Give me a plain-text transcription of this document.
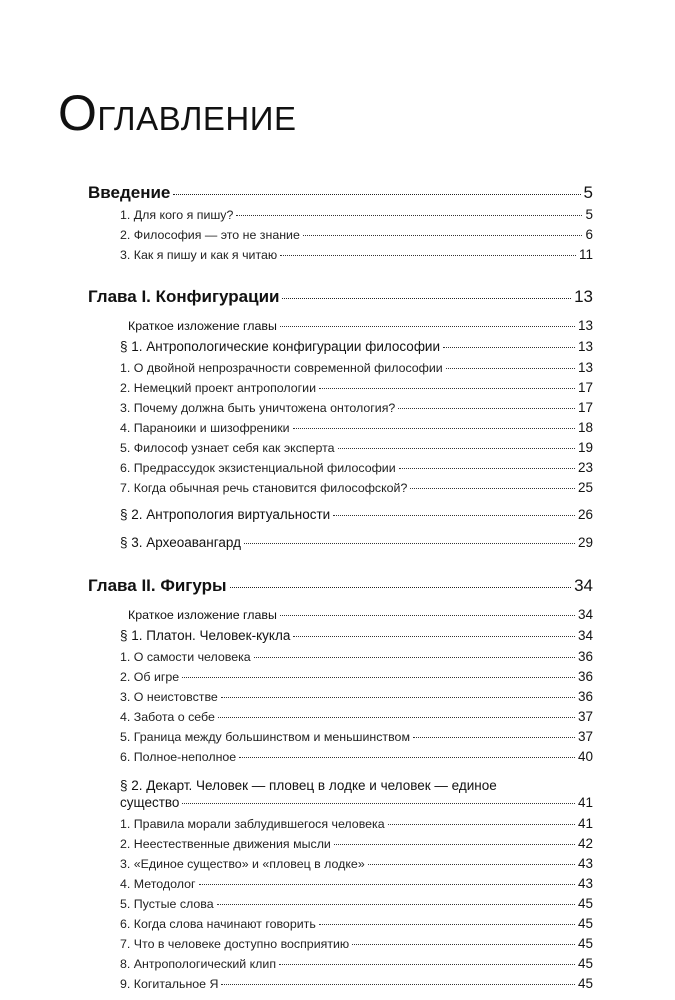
ОГЛАВЛЕНИЕ
Введение	5
1. Для кого я пишу?	5
2. Философия — это не знание	6
3. Как я пишу и как я читаю	11
Глава I. Конфигурации	13
Краткое изложение главы	13
§ 1. Антропологические конфигурации философии	13
1. О двойной непрозрачности современной философии	13
2. Немецкий проект антропологии	17
3. Почему должна быть уничтожена онтология?	17
4. Параноики и шизофреники	18
5. Философ узнает себя как эксперта	19
6. Предрассудок экзистенциальной философии	23
7. Когда обычная речь становится философской?	25
§ 2. Антропология виртуальности	26
§ 3. Археоавангард	29
Глава II. Фигуры	34
Краткое изложение главы	34
§ 1. Платон. Человек-кукла	34
1. О самости человека	36
2. Об игре	36
3. О неистовстве	36
4. Забота о себе	37
5. Граница между большинством и меньшинством	37
6. Полное-неполное	40
§ 2. Декарт. Человек — пловец в лодке и человек — единое
существо	41
1. Правила морали заблудившегося человека	41
2. Неестественные движения мысли	42
3. «Единое существо» и «пловец в лодке»	43
4. Методолог	43
5. Пустые слова	45
6. Когда слова начинают говорить	45
7. Что в человеке доступно восприятию	45
8. Антропологический клип	45
9. Когитальное Я	45
